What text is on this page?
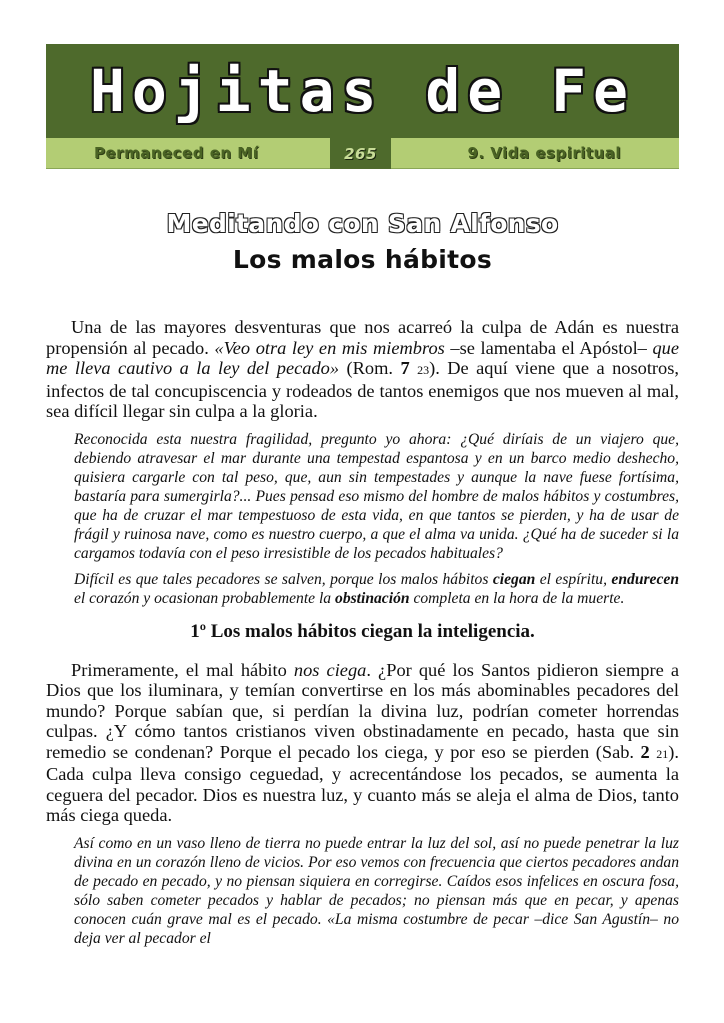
Hojitas de Fe
Permaneced en Mí	265	9. Vida espiritual
Meditando con San Alfonso
Los malos hábitos

Una de las mayores desventuras que nos acarreó la culpa de Adán es nuestra propensión al pecado. «Veo otra ley en mis miembros –se lamentaba el Apóstol– que me lleva cautivo a la ley del pecado» (Rom. 7 23). De aquí viene que a nosotros, infectos de tal concupiscencia y rodeados de tantos enemigos que nos mueven al mal, sea difícil llegar sin culpa a la gloria.

Reconocida esta nuestra fragilidad, pregunto yo ahora: ¿Qué diríais de un viajero que, debiendo atravesar el mar durante una tempestad espantosa y en un barco medio deshecho, quisiera cargarle con tal peso, que, aun sin tempestades y aunque la nave fuese fortísima, bastaría para sumergirla?... Pues pensad eso mismo del hombre de malos hábitos y costumbres, que ha de cruzar el mar tempestuoso de esta vida, en que tantos se pierden, y ha de usar de frágil y ruinosa nave, como es nuestro cuerpo, a que el alma va unida. ¿Qué ha de suceder si la cargamos todavía con el peso irresistible de los pecados habituales?

Difícil es que tales pecadores se salven, porque los malos hábitos ciegan el espíritu, endurecen el corazón y ocasionan probablemente la obstinación completa en la hora de la muerte.

1º Los malos hábitos ciegan la inteligencia.

Primeramente, el mal hábito nos ciega. ¿Por qué los Santos pidieron siempre a Dios que los iluminara, y temían convertirse en los más abominables pecadores del mundo? Porque sabían que, si perdían la divina luz, podrían cometer horrendas culpas. ¿Y cómo tantos cristianos viven obstinadamente en pecado, hasta que sin remedio se condenan? Porque el pecado los ciega, y por eso se pierden (Sab. 2 21). Cada culpa lleva consigo ceguedad, y acrecentándose los pecados, se aumenta la ceguera del pecador. Dios es nuestra luz, y cuanto más se aleja el alma de Dios, tanto más ciega queda.

Así como en un vaso lleno de tierra no puede entrar la luz del sol, así no puede penetrar la luz divina en un corazón lleno de vicios. Por eso vemos con frecuencia que ciertos pecadores andan de pecado en pecado, y no piensan siquiera en corregirse. Caídos esos infelices en oscura fosa, sólo saben cometer pecados y hablar de pecados; no piensan más que en pecar, y apenas conocen cuán grave mal es el pecado. «La misma costumbre de pecar –dice San Agustín– no deja ver al pecador el
